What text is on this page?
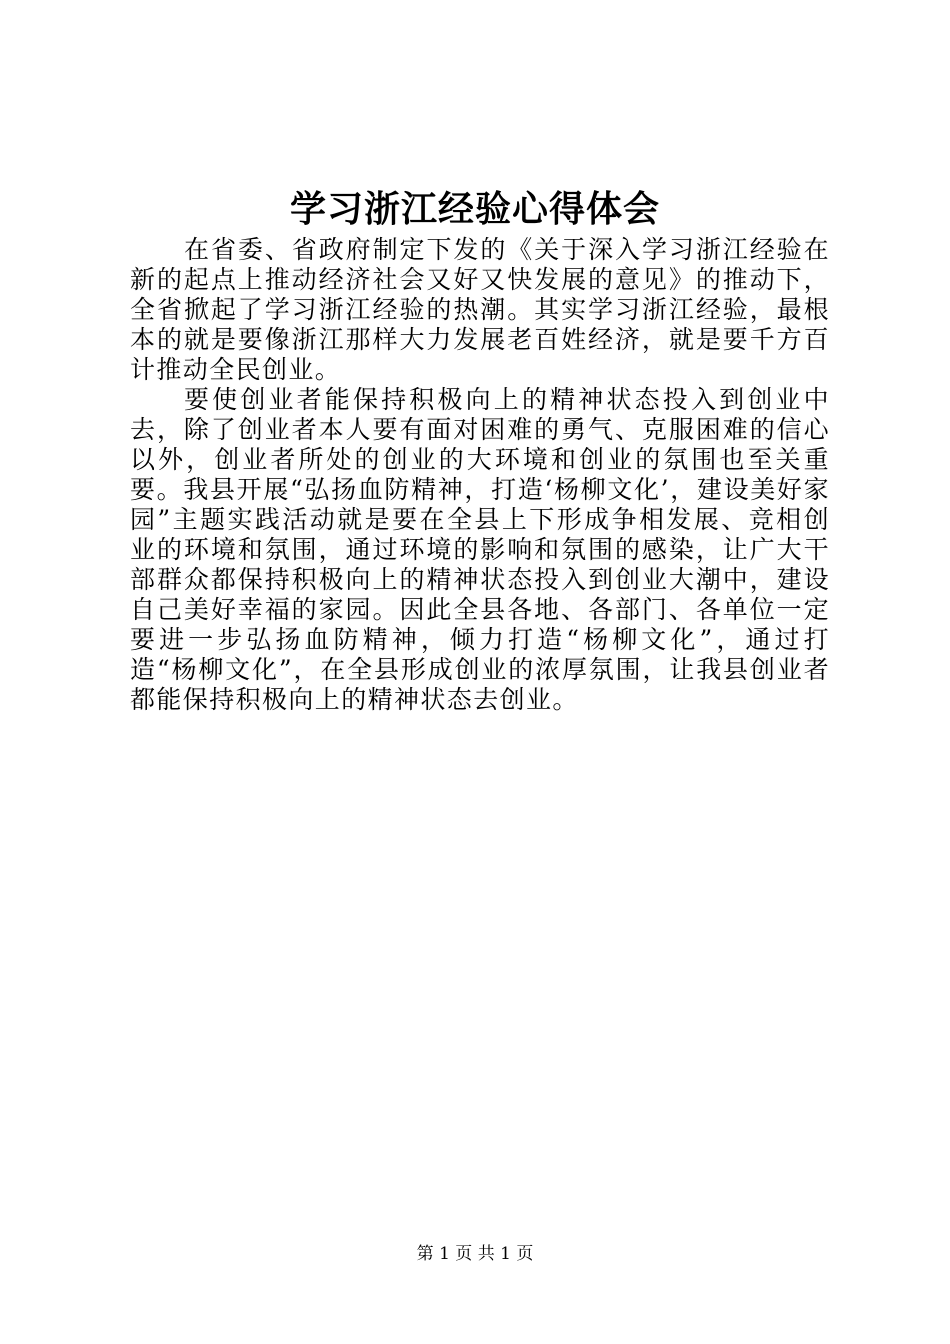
学习浙江经验心得体会

在省委、省政府制定下发的《关于深入学习浙江经验在新的起点上推动经济社会又好又快发展的意见》的推动下，全省掀起了学习浙江经验的热潮。其实学习浙江经验，最根本的就是要像浙江那样大力发展老百姓经济，就是要千方百计推动全民创业。

要使创业者能保持积极向上的精神状态投入到创业中去，除了创业者本人要有面对困难的勇气、克服困难的信心以外，创业者所处的创业的大环境和创业的氛围也至关重要。我县开展“弘扬血防精神，打造‘杨柳文化’，建设美好家园”主题实践活动就是要在全县上下形成争相发展、竞相创业的环境和氛围，通过环境的影响和氛围的感染，让广大干部群众都保持积极向上的精神状态投入到创业大潮中，建设自己美好幸福的家园。因此全县各地、各部门、各单位一定要进一步弘扬血防精神，倾力打造“杨柳文化”，通过打造“杨柳文化”，在全县形成创业的浓厚氛围，让我县创业者都能保持积极向上的精神状态去创业。

第 1 页 共 1 页
